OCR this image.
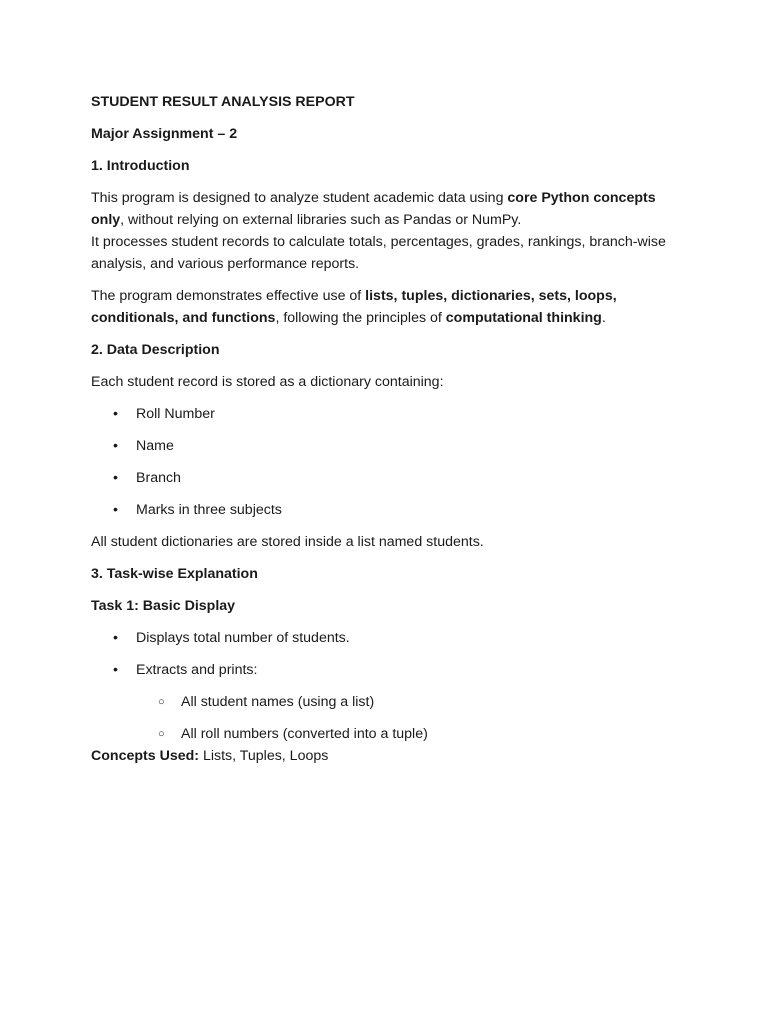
STUDENT RESULT ANALYSIS REPORT

Major Assignment – 2

1. Introduction

This program is designed to analyze student academic data using core Python concepts only, without relying on external libraries such as Pandas or NumPy.

It processes student records to calculate totals, percentages, grades, rankings, branch-wise analysis, and various performance reports.

The program demonstrates effective use of lists, tuples, dictionaries, sets, loops, conditionals, and functions, following the principles of computational thinking.

2. Data Description

Each student record is stored as a dictionary containing:

• Roll Number
• Name
• Branch
• Marks in three subjects

All student dictionaries are stored inside a list named students.

3. Task-wise Explanation

Task 1: Basic Display

• Displays total number of students.
• Extracts and prints:
○ All student names (using a list)
○ All roll numbers (converted into a tuple)

Concepts Used: Lists, Tuples, Loops
